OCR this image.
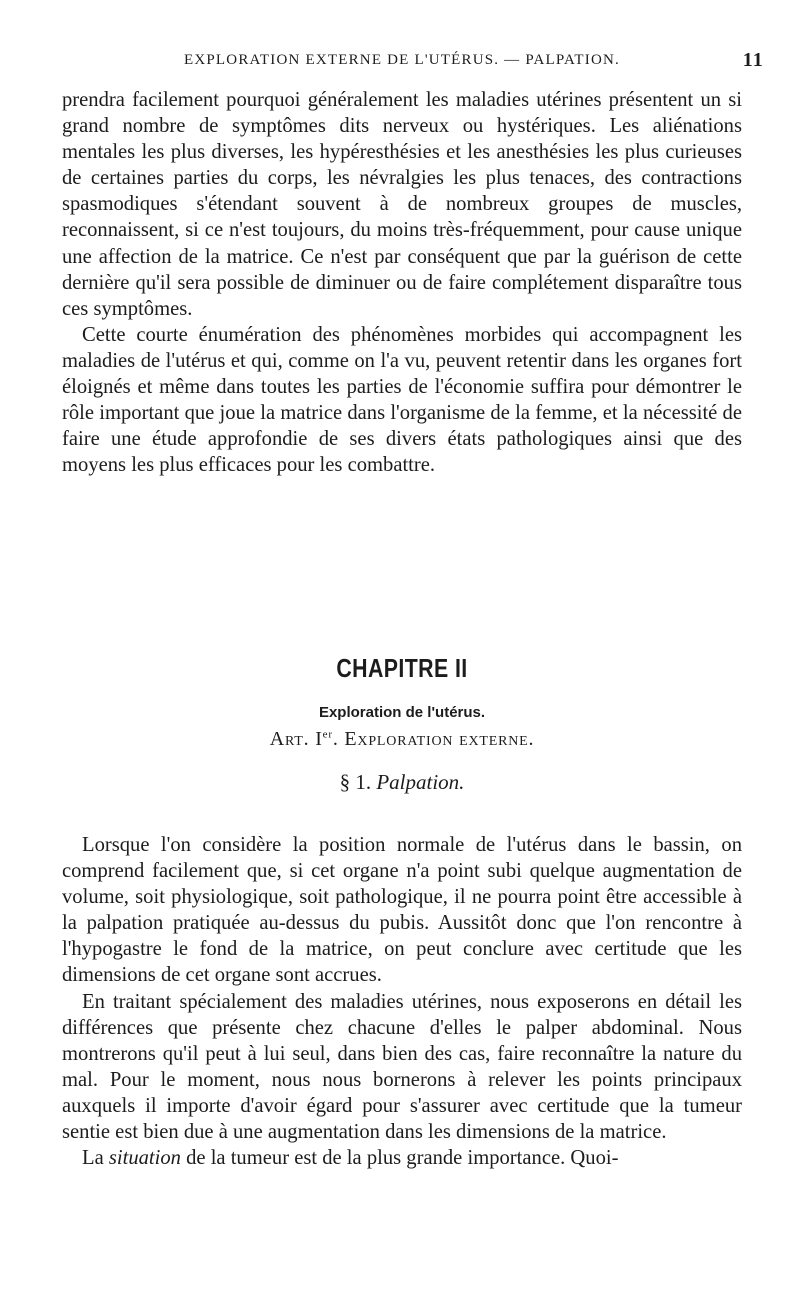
EXPLORATION EXTERNE DE L'UTÉRUS. — PALPATION.	11

prendra facilement pourquoi généralement les maladies utérines présentent un si grand nombre de symptômes dits nerveux ou hystériques. Les aliénations mentales les plus diverses, les hypéresthésies et les anesthésies les plus curieuses de certaines parties du corps, les névralgies les plus tenaces, des contractions spasmodiques s'étendant souvent à de nombreux groupes de muscles, reconnaissent, si ce n'est toujours, du moins très-fréquemment, pour cause unique une affection de la matrice. Ce n'est par conséquent que par la guérison de cette dernière qu'il sera possible de diminuer ou de faire complétement disparaître tous ces symptômes.

Cette courte énumération des phénomènes morbides qui accompagnent les maladies de l'utérus et qui, comme on l'a vu, peuvent retentir dans les organes fort éloignés et même dans toutes les parties de l'économie suffira pour démontrer le rôle important que joue la matrice dans l'organisme de la femme, et la nécessité de faire une étude approfondie de ses divers états pathologiques ainsi que des moyens les plus efficaces pour les combattre.

CHAPITRE II
Exploration de l'utérus.
Art. Ier. Exploration externe.
§ 1. Palpation.

Lorsque l'on considère la position normale de l'utérus dans le bassin, on comprend facilement que, si cet organe n'a point subi quelque augmentation de volume, soit physiologique, soit pathologique, il ne pourra point être accessible à la palpation pratiquée au-dessus du pubis. Aussitôt donc que l'on rencontre à l'hypogastre le fond de la matrice, on peut conclure avec certitude que les dimensions de cet organe sont accrues.

En traitant spécialement des maladies utérines, nous exposerons en détail les différences que présente chez chacune d'elles le palper abdominal. Nous montrerons qu'il peut à lui seul, dans bien des cas, faire reconnaître la nature du mal. Pour le moment, nous nous bornerons à relever les points principaux auxquels il importe d'avoir égard pour s'assurer avec certitude que la tumeur sentie est bien due à une augmentation dans les dimensions de la matrice.

La situation de la tumeur est de la plus grande importance. Quoi-
